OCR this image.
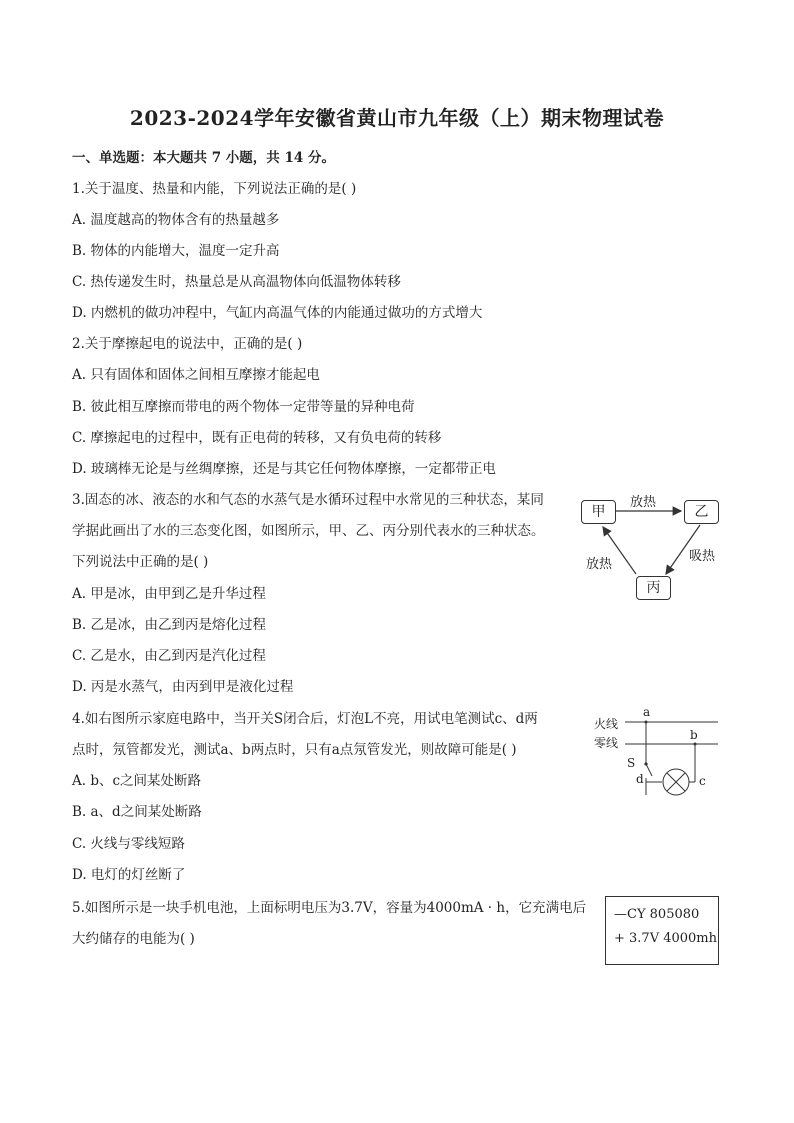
2023-2024学年安徽省黄山市九年级（上）期末物理试卷
一、单选题：本大题共 7 小题，共 14 分。
1.关于温度、热量和内能，下列说法正确的是( )
A. 温度越高的物体含有的热量越多
B. 物体的内能增大，温度一定升高
C. 热传递发生时，热量总是从高温物体向低温物体转移
D. 内燃机的做功冲程中，气缸内高温气体的内能通过做功的方式增大
2.关于摩擦起电的说法中，正确的是( )
A. 只有固体和固体之间相互摩擦才能起电
B. 彼此相互摩擦而带电的两个物体一定带等量的异种电荷
C. 摩擦起电的过程中，既有正电荷的转移，又有负电荷的转移
D. 玻璃棒无论是与丝绸摩擦，还是与其它任何物体摩擦，一定都带正电
3.固态的冰、液态的水和气态的水蒸气是水循环过程中水常见的三种状态，某同
学据此画出了水的三态变化图，如图所示，甲、乙、丙分别代表水的三种状态。
下列说法中正确的是( )
A. 甲是冰，由甲到乙是升华过程
B. 乙是冰，由乙到丙是熔化过程
C. 乙是水，由乙到丙是汽化过程
D. 丙是水蒸气，由丙到甲是液化过程
甲	乙
丙
放热
吸热
放热
4.如右图所示家庭电路中，当开关S闭合后，灯泡L不亮，用试电笔测试c、d两
点时，氖管都发光，测试a、b两点时，只有a点氖管发光，则故障可能是( )
A. b、c之间某处断路
B. a、d之间某处断路
C. 火线与零线短路
D. 电灯的灯丝断了
火线
零线
a
b
c
d
S
5.如图所示是一块手机电池，上面标明电压为3.7V，容量为4000mA · h，它充满电后
大约储存的电能为( )
—CY 805080
+ 3.7V 4000mh
